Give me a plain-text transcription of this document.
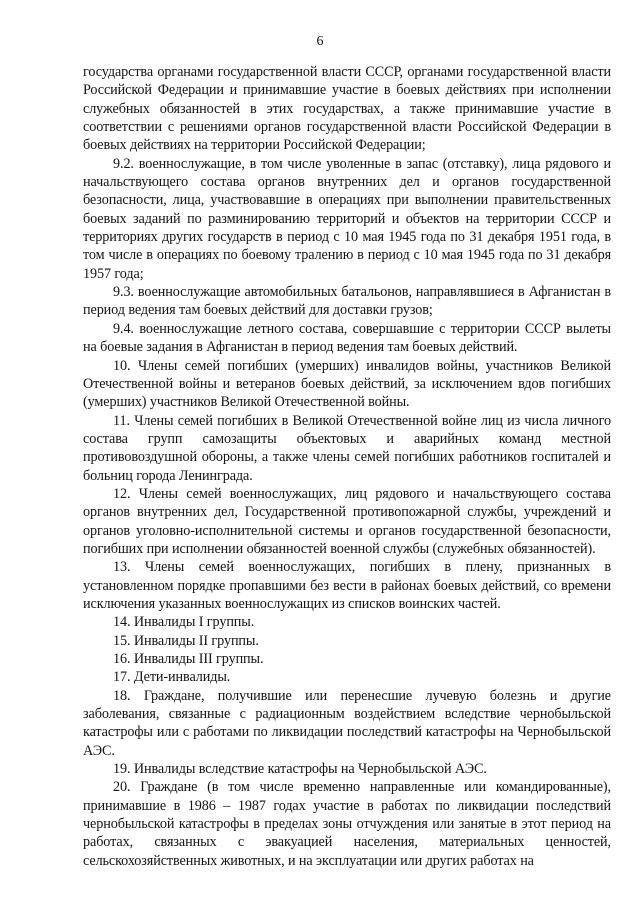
6

государства органами государственной власти СССР, органами государственной власти Российской Федерации и принимавшие участие в боевых действиях при исполнении служебных обязанностей в этих государствах, а также принимавшие участие в соответствии с решениями органов государственной власти Российской Федерации в боевых действиях на территории Российской Федерации;

9.2. военнослужащие, в том числе уволенные в запас (отставку), лица рядового и начальствующего состава органов внутренних дел и органов государственной безопасности, лица, участвовавшие в операциях при выполнении правительственных боевых заданий по разминированию территорий и объектов на территории СССР и территориях других государств в период с 10 мая 1945 года по 31 декабря 1951 года, в том числе в операциях по боевому тралению в период с 10 мая 1945 года по 31 декабря 1957 года;

9.3. военнослужащие автомобильных батальонов, направлявшиеся в Афганистан в период ведения там боевых действий для доставки грузов;

9.4. военнослужащие летного состава, совершавшие с территории СССР вылеты на боевые задания в Афганистан в период ведения там боевых действий.

10. Члены семей погибших (умерших) инвалидов войны, участников Великой Отечественной войны и ветеранов боевых действий, за исключением вдов погибших (умерших) участников Великой Отечественной войны.

11. Члены семей погибших в Великой Отечественной войне лиц из числа личного состава групп самозащиты объектовых и аварийных команд местной противовоздушной обороны, а также члены семей погибших работников госпиталей и больниц города Ленинграда.

12. Члены семей военнослужащих, лиц рядового и начальствующего состава органов внутренних дел, Государственной противопожарной службы, учреждений и органов уголовно-исполнительной системы и органов государственной безопасности, погибших при исполнении обязанностей военной службы (служебных обязанностей).

13. Члены семей военнослужащих, погибших в плену, признанных в установленном порядке пропавшими без вести в районах боевых действий, со времени исключения указанных военнослужащих из списков воинских частей.

14. Инвалиды I группы.

15. Инвалиды II группы.

16. Инвалиды III группы.

17. Дети-инвалиды.

18. Граждане, получившие или перенесшие лучевую болезнь и другие заболевания, связанные с радиационным воздействием вследствие чернобыльской катастрофы или с работами по ликвидации последствий катастрофы на Чернобыльской АЭС.

19. Инвалиды вследствие катастрофы на Чернобыльской АЭС.

20. Граждане (в том числе временно направленные или командированные), принимавшие в 1986 – 1987 годах участие в работах по ликвидации последствий чернобыльской катастрофы в пределах зоны отчуждения или занятые в этот период на работах, связанных с эвакуацией населения, материальных ценностей, сельскохозяйственных животных, и на эксплуатации или других работах на
